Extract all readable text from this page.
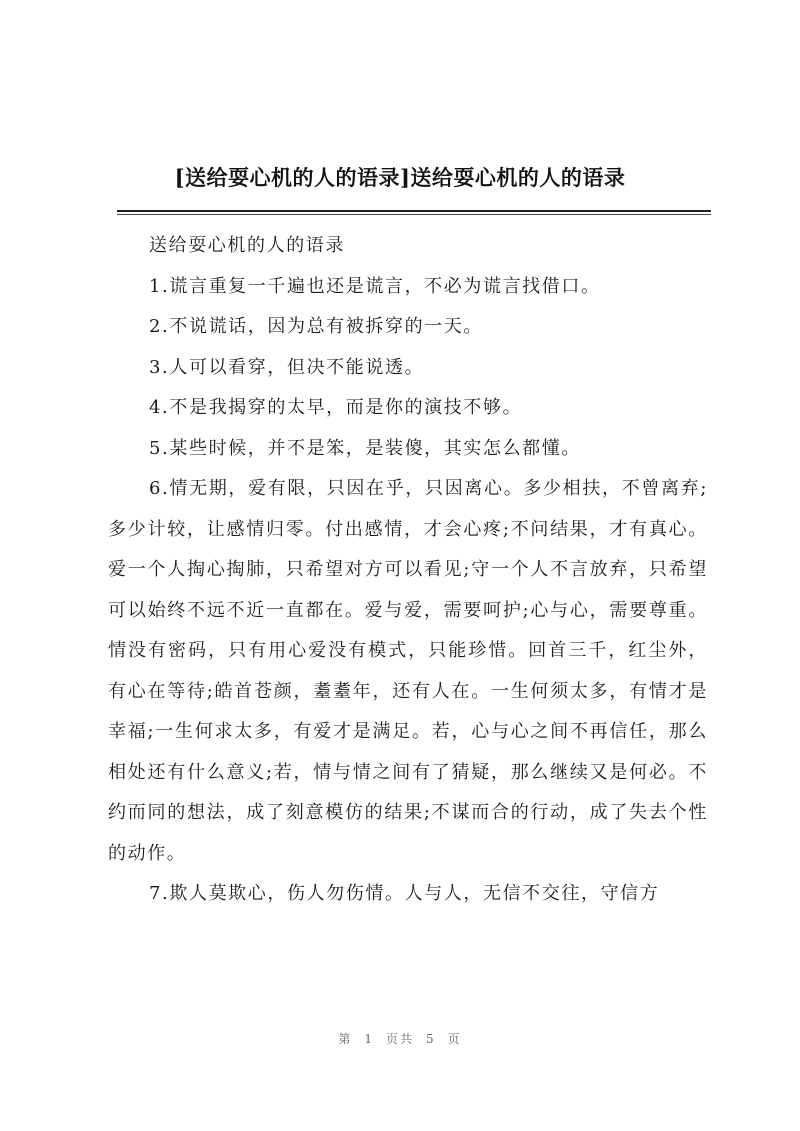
[送给耍心机的人的语录]送给耍心机的人的语录

送给耍心机的人的语录

1.谎言重复一千遍也还是谎言，不必为谎言找借口。

2.不说谎话，因为总有被拆穿的一天。

3.人可以看穿，但决不能说透。

4.不是我揭穿的太早，而是你的演技不够。

5.某些时候，并不是笨，是装傻，其实怎么都懂。

6.情无期，爱有限，只因在乎，只因离心。多少相扶，不曾离弃;多少计较，让感情归零。付出感情，才会心疼;不问结果，才有真心。爱一个人掏心掏肺，只希望对方可以看见;守一个人不言放弃，只希望可以始终不远不近一直都在。爱与爱，需要呵护;心与心，需要尊重。情没有密码，只有用心爱没有模式，只能珍惜。回首三千，红尘外，有心在等待;皓首苍颜，耋耋年，还有人在。一生何须太多，有情才是幸福;一生何求太多，有爱才是满足。若，心与心之间不再信任，那么相处还有什么意义;若，情与情之间有了猜疑，那么继续又是何必。不约而同的想法，成了刻意模仿的结果;不谋而合的行动，成了失去个性的动作。

7.欺人莫欺心，伤人勿伤情。人与人，无信不交往，守信方

第 1 页共 5 页
